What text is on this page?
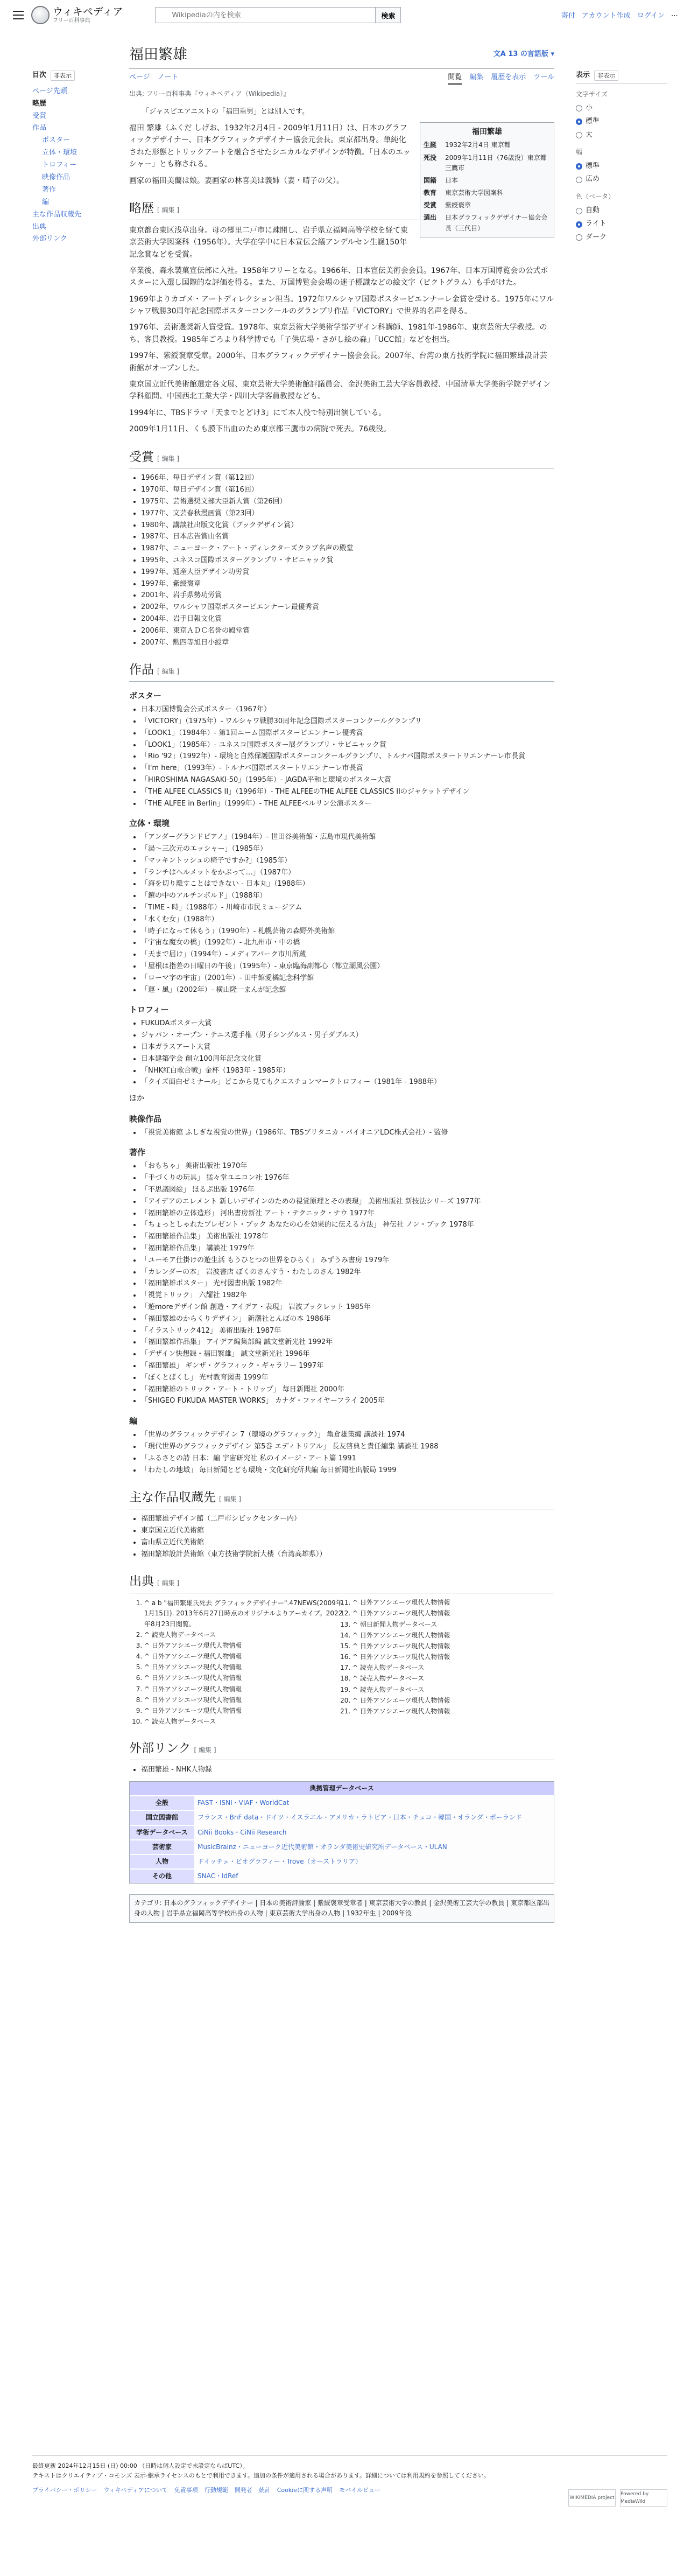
ウィキペディア
フリー百科事典
Wikipediaの内を検索
検索	寄付 アカウント作成 ログイン ⋯
目次	非表示
ページ先頭
略歴
受賞
作品
ポスター
立体・環境
トロフィー
映像作品
著作
編
主な作品収蔵先
出典
外部リンク
福田繁雄	文A 13 の言語版 ▾
ページ ノート	閲覧 編集 履歴を表示 ツール
出典: フリー百科事典『ウィキペディア（Wikipedia）』
「ジャスピエアニストの「福田重男」とは別人です。
福田繁雄
生誕	1932年2月4日 東京都
死没	2009年1月11日（76歳没）東京都三鷹市
国籍	日本
教育	東京芸術大学図案科
受賞	紫綬褒章
選出	日本グラフィックデザイナー協会会長（三代目）

福田 繁雄（ふくだ しげお、1932年2月4日 - 2009年1月11日）は、日本のグラフィックデザイナー、日本グラフィックデザイナー協会元会長。東京都出身。単純化された形態とトリックアートを融合させたシニカルなデザインが特徴。「日本のエッシャー」とも称される。

画家の福田美蘭は娘。妻画家の林喜美は義姉（妻・晴子の父）。

略歴 [ 編集 ]

東京都台東区浅草出身。母の郷里二戸市に疎開し、岩手県立福岡高等学校を経て東京芸術大学図案科（1956年）。大学在学中に日本宣伝会議アンデルセン生誕150年記念賞などを受賞。

卒業後、森永製菓宣伝部に入社。1958年フリーとなる。1966年、日本宣伝美術会会員。1967年、日本万国博覧会の公式ポスターに入選し国際的な評価を得る。また、万国博覧会会場の迷子標識などの絵文字（ピクトグラム）も手がけた。

1969年よりカゴメ・アートディレクション担当。1972年ワルシャワ国際ポスタービエンナーレ金賞を受ける。1975年にワルシャワ戦勝30周年記念国際ポスターコンクールのグランプリ作品「VICTORY」で世界的名声を得る。

1976年、芸術選奨新人賞受賞。1978年、東京芸術大学美術学部デザイン科講師、1981年-1986年、東京芸術大学教授。のち、客員教授。1985年ごろより科学博でも「子供広場・さがし絵の森」「UCC館」などを担当。

1997年、紫綬褒章受章。2000年、日本グラフィックデザイナー協会会長。2007年、台湾の東方技術学院に福田繁雄設計芸術館がオープンした。

東京国立近代美術館選定各文展、東京芸術大学美術館評議員会、金沢美術工芸大学客員教授、中国清華大学美術学院デザイン学科顧問、中国西北工業大学・四川大学客員教授なども。

1994年に、TBSドラマ「天までとどけ3」にて本人役で特別出演している。

2009年1月11日、くも膜下出血のため東京都三鷹市の病院で死去。76歳没。

受賞 [ 編集 ]
• 1966年、毎日デザイン賞（第12回）
• 1970年、毎日デザイン賞（第16回）
• 1975年、芸術選奨文部大臣新人賞（第26回）
• 1977年、文芸春秋漫画賞（第23回）
• 1980年、講談社出版文化賞（ブックデザイン賞）
• 1987年、日本広告賞山名賞
• 1987年、ニューヨーク・アート・ディレクターズクラブ名声の殿堂
• 1995年、ユネスコ国際ポスターグランプリ・サビニャック賞
• 1997年、通産大臣デザイン功労賞
• 1997年、紫綬褒章
• 2001年、岩手県勢功労賞
• 2002年、ワルシャワ国際ポスタービエンナーレ最優秀賞
• 2004年、岩手日報文化賞
• 2006年、東京ＡＤＣ名誉の殿堂賞
• 2007年、勲四等旭日小綬章
作品 [ 編集 ]
ポスター
• 日本万国博覧会公式ポスター（1967年）
• 「VICTORY」（1975年）- ワルシャワ戦勝30周年記念国際ポスターコンクールグランプリ
• 「LOOK1」（1984年）- 第1回ニーム国際ポスタービエンナーレ優秀賞
• 「LOOK1」（1985年）- ユネスコ国際ポスター展グランプリ・サビニャック賞
• 「Rio '92」（1992年）- 環境と自然保護国際ポスターコンクールグランプリ、トルナバ国際ポスタートリエンナーレ市長賞
• 「I'm here」（1993年）- トルナバ国際ポスタートリエンナーレ市長賞
• 「HIROSHIMA NAGASAKI-50」（1995年）- JAGDA平和と環境のポスター大賞
• 「THE ALFEE CLASSICS II」（1996年）- THE ALFEEのTHE ALFEE CLASSICS IIのジャケットデザイン
• 「THE ALFEE in Berlin」（1999年）- THE ALFEEベルリン公演ポスター
立体・環境
• 「アンダーグランドピアノ」（1984年）- 世田谷美術館・広島市現代美術館
• 「湯～三次元のエッシャー」（1985年）
• 「マッキントッシュの椅子ですか?」（1985年）
• 「ランチはヘルメットをかぶって…」（1987年）
• 「海を切り離すことはできない - 日本丸」（1988年）
• 「鏡の中のアルチンボルド」（1988年）
• 「TIME - 時」（1988年）- 川崎市市民ミュージアム
• 「水くむ女」（1988年）
• 「時子になって休もう」（1990年）- 札幌芸術の森野外美術館
• 「宇宙な魔女の橋」（1992年）- 北九州市・中の橋
• 「天まで届け」（1994年）- メディアパーク市川所蔵
• 「屋根は指差の日曜日の午後」（1995年）- 東京臨海副都心（都立潮風公園）
• 「ローマ字の宇宙」（2001年）- 田中館愛橘記念科学館
• 「運・風」（2002年）- 横山隆一まんが記念館
トロフィー
• FUKUDAポスター大賞
• ジャパン・オープン・テニス選手権（男子シングルス・男子ダブルス）
• 日本ガラスアート大賞
• 日本建築学会 創立100周年記念文化賞
• 「NHK紅白歌合戦」金杯（1983年 - 1985年）
• 「クイズ面白ゼミナール」どこから見てもクエスチョンマークトロフィー（1981年 - 1988年）

ほか

映像作品
• 「視覚美術館 ふしぎな視覚の世界」（1986年、TBSブリタニカ・パイオニアLDC株式会社）- 監修
著作
• 「おもちゃ」 美術出版社 1970年
• 「手づくりの玩具」 猛々堂ユニコン社 1976年
• 「不思議図絵」 ほるぷ出版 1976年
• 「アイデアのエレメント 新しいデザインのための視覚原理とその表現」 美術出版社 新技法シリーズ 1977年
• 「福田繁雄の立体造形」 河出書房新社 アート・テクニック・ナウ 1977年
• 「ちょっとしゃれたプレゼント・ブック あなたの心を効果的に伝える方法」 神伝社 ノン・ブック 1978年
• 「福田繁雄作品集」 美術出版社 1978年
• 「福田繁雄作品集」 講談社 1979年
• 「ユーモア仕掛けの遊生活 もうひとつの世界をひらく」 みずうみ書房 1979年
• 「カレンダーの本」 岩波書店 ぼくのさんすう・わたしのさん 1982年
• 「福田繁雄ポスター」 光村図書出版 1982年
• 「視覚トリック」 六耀社 1982年
• 「遊moreデザイン館 創造・アイデア・表現」 岩波ブックレット 1985年
• 「福田繁雄のからくりデザイン」 新潮社とんぼの本 1986年
• 「イラストリック412」 美術出版社 1987年
• 「福田繁雄作品集」 アイデア編集部編 誠文堂新光社 1992年
• 「デザイン快想録・福田繁雄」 誠文堂新光社 1996年
• 「福田繁雄」 ギンザ・グラフィック・ギャラリー 1997年
• 「ぼくとぱくし」 光村教育図書 1999年
• 「福田繁雄のトリック・アート・トリップ」 毎日新聞社 2000年
• 「SHIGEO FUKUDA MASTER WORKS」 カナダ・ファイヤーフライ 2005年
編
• 「世界のグラフィックデザイン 7（環境のグラフィック）」 亀倉雄策編 講談社 1974
• 「現代世界のグラフィックデザイン 第5巻 エディトリアル」 長友啓典と責任編集 講談社 1988
• 「ふるさとの詩 日本：編 宇宙研究社 私のイメージ・アート篇 1991
• 「わたしの地域」 毎日新聞とども環境・文化研究所共編 毎日新聞社出版局 1999
主な作品収蔵先 [ 編集 ]
• 福田繁雄デザイン館（二戸市シビックセンター内）
• 東京国立近代美術館
• 富山県立近代美術館
• 福田繁雄設計芸術館（東方技術学院新大楼（台湾高雄県））
出典 [ 編集 ]
1. ^ a b "福田繁雄氏死去 グラフィックデザイナー".47NEWS(2009年1月15日). 2013年6月27日時点のオリジナルよりアーカイブ。2022年8月23日閲覧。
2. ^ 読売人物データベース
3. ^ 日外アソシエーツ現代人物情報
4. ^ 日外アソシエーツ現代人物情報
5. ^ 日外アソシエーツ現代人物情報
6. ^ 日外アソシエーツ現代人物情報
7. ^ 日外アソシエーツ現代人物情報
8. ^ 日外アソシエーツ現代人物情報
9. ^ 日外アソシエーツ現代人物情報
10. ^ 読売人物データベース
11. ^ 日外アソシエーツ現代人物情報
12. ^ 日外アソシエーツ現代人物情報
13. ^ 朝日新聞人物データベース
14. ^ 日外アソシエーツ現代人物情報
15. ^ 日外アソシエーツ現代人物情報
16. ^ 日外アソシエーツ現代人物情報
17. ^ 読売人物データベース
18. ^ 読売人物データベース
19. ^ 読売人物データベース
20. ^ 日外アソシエーツ現代人物情報
21. ^ 日外アソシエーツ現代人物情報
外部リンク [ 編集 ]
• 福田繁雄 - NHK人物録
典拠管理データベース
全般	FAST・ISNI・VIAF・WorldCat
国立図書館	フランス・BnF data・ドイツ・イスラエル・アメリカ・ラトビア・日本・チェコ・韓国・オランダ・ポーランド
学術データベース	CiNii Books・CiNii Research
芸術家	MusicBrainz・ニューヨーク近代美術館・オランダ美術史研究所データベース・ULAN
人物	ドイッチェ・ビオグラフィー・Trove（オーストラリア）
その他	SNAC・IdRef
カテゴリ: 日本のグラフィックデザイナー | 日本の美術評論家 | 紫綬褒章受章者 | 東京芸術大学の教員 | 金沢美術工芸大学の教員 | 東京都区部出身の人物 | 岩手県立福岡高等学校出身の人物 | 東京芸術大学出身の人物 | 1932年生 | 2009年没
表示	非表示
文字サイズ
小
標準
大
幅
標準
広め
色（ベータ）
自動
ライト
ダーク
最終更新 2024年12月15日 (日) 00:00 （日時は個人設定で未設定ならばUTC）。
テキストはクリエイティブ・コモンズ 表示-継承ライセンスのもとで利用できます。追加の条件が適用される場合があります。詳細については利用規約を参照してください。
プライバシー・ポリシー ウィキペディアについて 免責事項 行動規範 開発者 統計 Cookieに関する声明 モバイルビュー
WIKIMEDIA project
Powered by MediaWiki
